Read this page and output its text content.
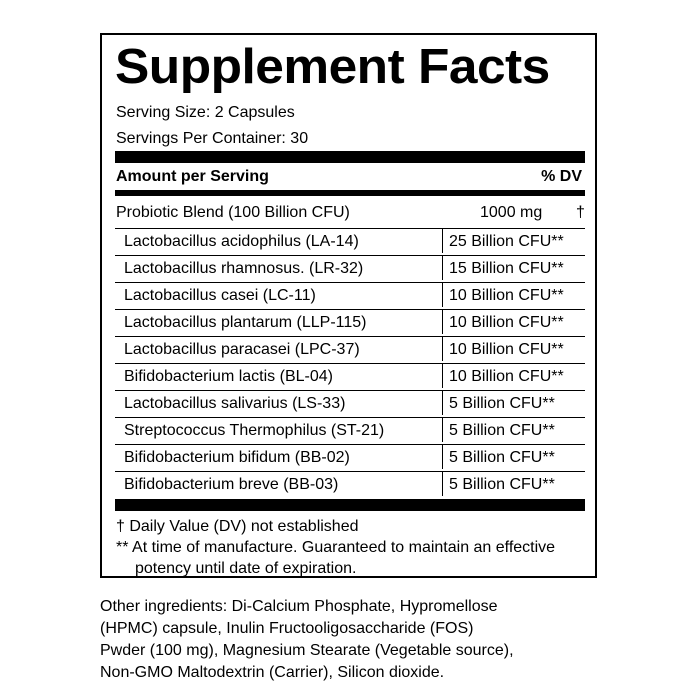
Supplement Facts
Serving Size: 2 Capsules
Servings Per Container: 30
Amount per Serving	% DV
Probiotic Blend (100 Billion CFU)	1000 mg †
Lactobacillus acidophilus (LA-14)	25 Billion CFU**
Lactobacillus rhamnosus. (LR-32)	15 Billion CFU**
Lactobacillus casei (LC-11)	10 Billion CFU**
Lactobacillus plantarum (LLP-115)	10 Billion CFU**
Lactobacillus paracasei (LPC-37)	10 Billion CFU**
Bifidobacterium lactis (BL-04)	10 Billion CFU**
Lactobacillus salivarius (LS-33)	5 Billion CFU**
Streptococcus Thermophilus (ST-21)	5 Billion CFU**
Bifidobacterium bifidum (BB-02)	5 Billion CFU**
Bifidobacterium breve (BB-03)	5 Billion CFU**
† Daily Value (DV) not established
** At time of manufacture. Guaranteed to maintain an effective
potency until date of expiration.
Other ingredients: Di-Calcium Phosphate, Hypromellose
(HPMC) capsule, Inulin Fructooligosaccharide (FOS)
Pwder (100 mg), Magnesium Stearate (Vegetable source),
Non-GMO Maltodextrin (Carrier), Silicon dioxide.
